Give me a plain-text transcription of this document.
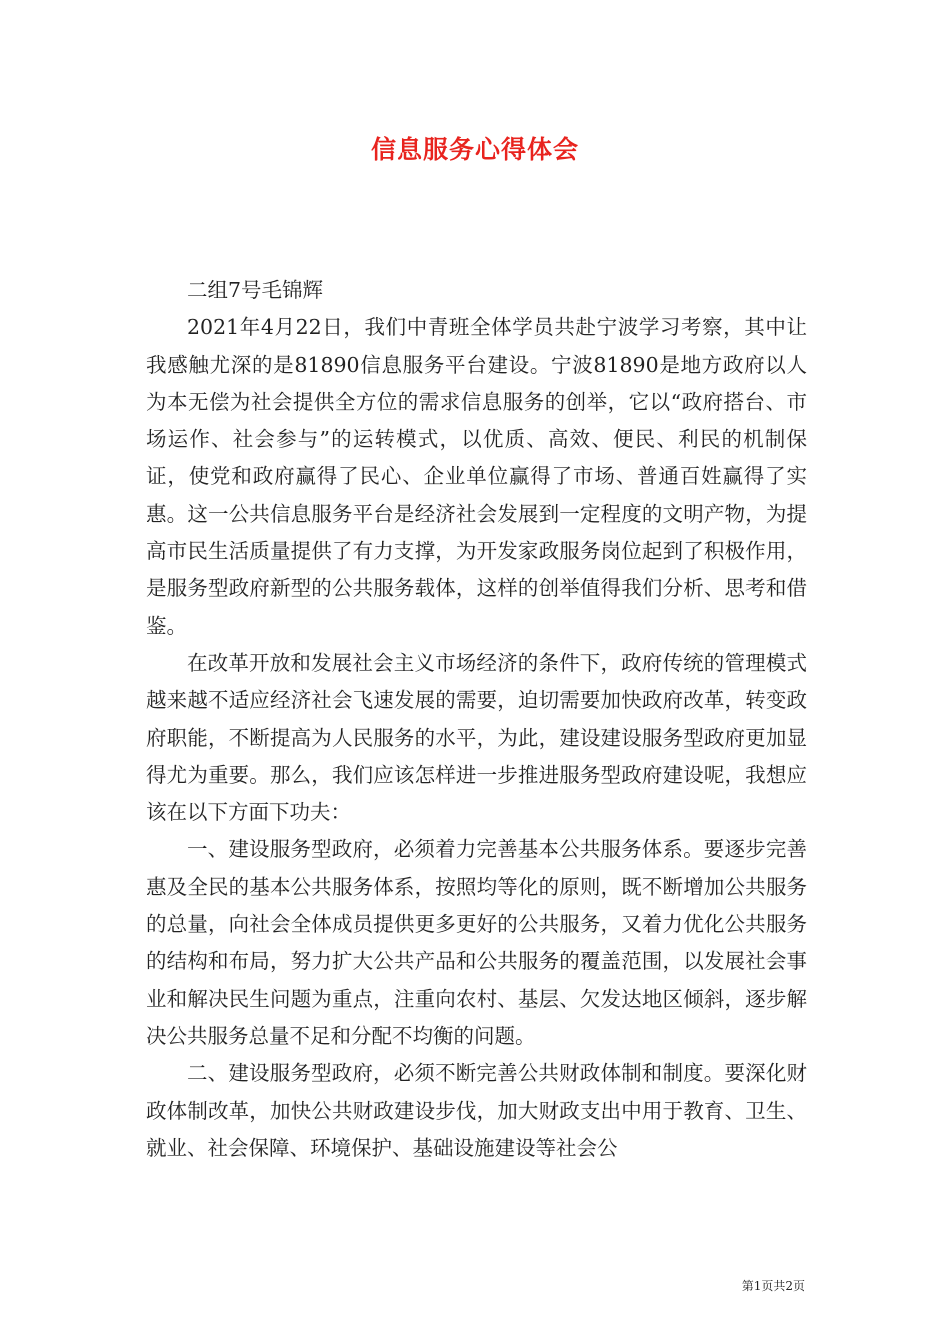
信息服务心得体会

二组7号毛锦辉

2021年4月22日，我们中青班全体学员共赴宁波学习考察，其中让我感触尤深的是81890信息服务平台建设。宁波81890是地方政府以人为本无偿为社会提供全方位的需求信息服务的创举，它以“政府搭台、市场运作、社会参与”的运转模式，以优质、高效、便民、利民的机制保证，使党和政府赢得了民心、企业单位赢得了市场、普通百姓赢得了实惠。这一公共信息服务平台是经济社会发展到一定程度的文明产物，为提高市民生活质量提供了有力支撑，为开发家政服务岗位起到了积极作用，是服务型政府新型的公共服务载体，这样的创举值得我们分析、思考和借鉴。

在改革开放和发展社会主义市场经济的条件下，政府传统的管理模式越来越不适应经济社会飞速发展的需要，迫切需要加快政府改革，转变政府职能，不断提高为人民服务的水平，为此，建设建设服务型政府更加显得尤为重要。那么，我们应该怎样进一步推进服务型政府建设呢，我想应该在以下方面下功夫：

一、建设服务型政府，必须着力完善基本公共服务体系。要逐步完善惠及全民的基本公共服务体系，按照均等化的原则，既不断增加公共服务的总量，向社会全体成员提供更多更好的公共服务，又着力优化公共服务的结构和布局，努力扩大公共产品和公共服务的覆盖范围，以发展社会事业和解决民生问题为重点，注重向农村、基层、欠发达地区倾斜，逐步解决公共服务总量不足和分配不均衡的问题。

二、建设服务型政府，必须不断完善公共财政体制和制度。要深化财政体制改革，加快公共财政建设步伐，加大财政支出中用于教育、卫生、就业、社会保障、环境保护、基础设施建设等社会公

第1页共2页
